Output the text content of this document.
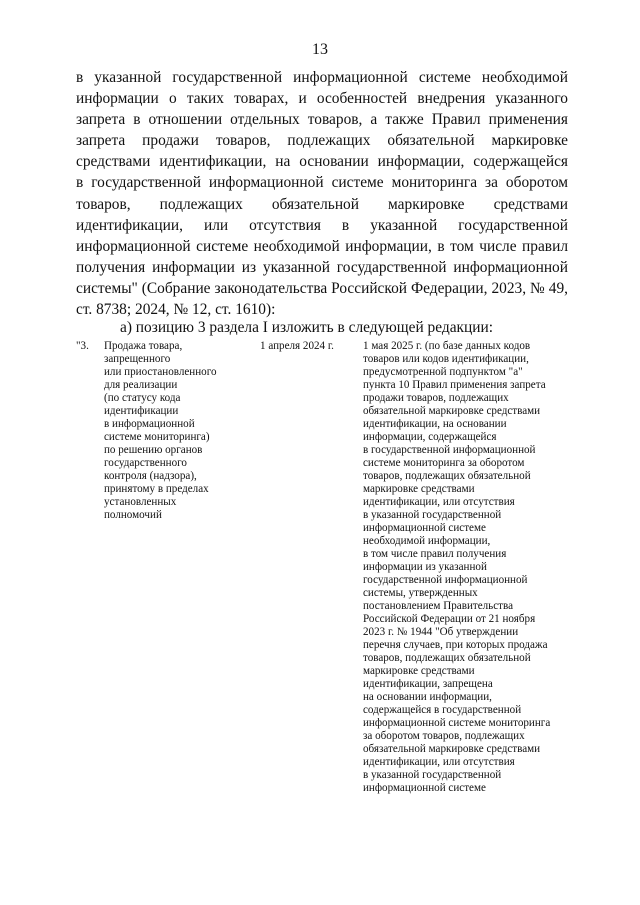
13
в указанной государственной информационной системе необходимой
информации о таких товарах, и особенностей внедрения указанного
запрета в отношении отдельных товаров, а также Правил применения
запрета продажи товаров, подлежащих обязательной маркировке
средствами идентификации, на основании информации, содержащейся
в государственной информационной системе мониторинга за оборотом
товаров, подлежащих обязательной маркировке средствами
идентификации, или отсутствия в указанной государственной
информационной системе необходимой информации, в том числе правил
получения информации из указанной государственной информационной
системы" (Собрание законодательства Российской Федерации, 2023, № 49,
ст. 8738; 2024, № 12, ст. 1610):
а) позицию 3 раздела I изложить в следующей редакции:
"3.	Продажа товара,
запрещенного
или приостановленного
для реализации
(по статусу кода
идентификации
в информационной
системе мониторинга)
по решению органов
государственного
контроля (надзора),
принятому в пределах
установленных
полномочий
1 апреля 2024 г.	1 мая 2025 г. (по базе данных кодов
товаров или кодов идентификации,
предусмотренной подпунктом "а"
пункта 10 Правил применения запрета
продажи товаров, подлежащих
обязательной маркировке средствами
идентификации, на основании
информации, содержащейся
в государственной информационной
системе мониторинга за оборотом
товаров, подлежащих обязательной
маркировке средствами
идентификации, или отсутствия
в указанной государственной
информационной системе
необходимой информации,
в том числе правил получения
информации из указанной
государственной информационной
системы, утвержденных
постановлением Правительства
Российской Федерации от 21 ноября
2023 г. № 1944 "Об утверждении
перечня случаев, при которых продажа
товаров, подлежащих обязательной
маркировке средствами
идентификации, запрещена
на основании информации,
содержащейся в государственной
информационной системе мониторинга
за оборотом товаров, подлежащих
обязательной маркировке средствами
идентификации, или отсутствия
в указанной государственной
информационной системе
